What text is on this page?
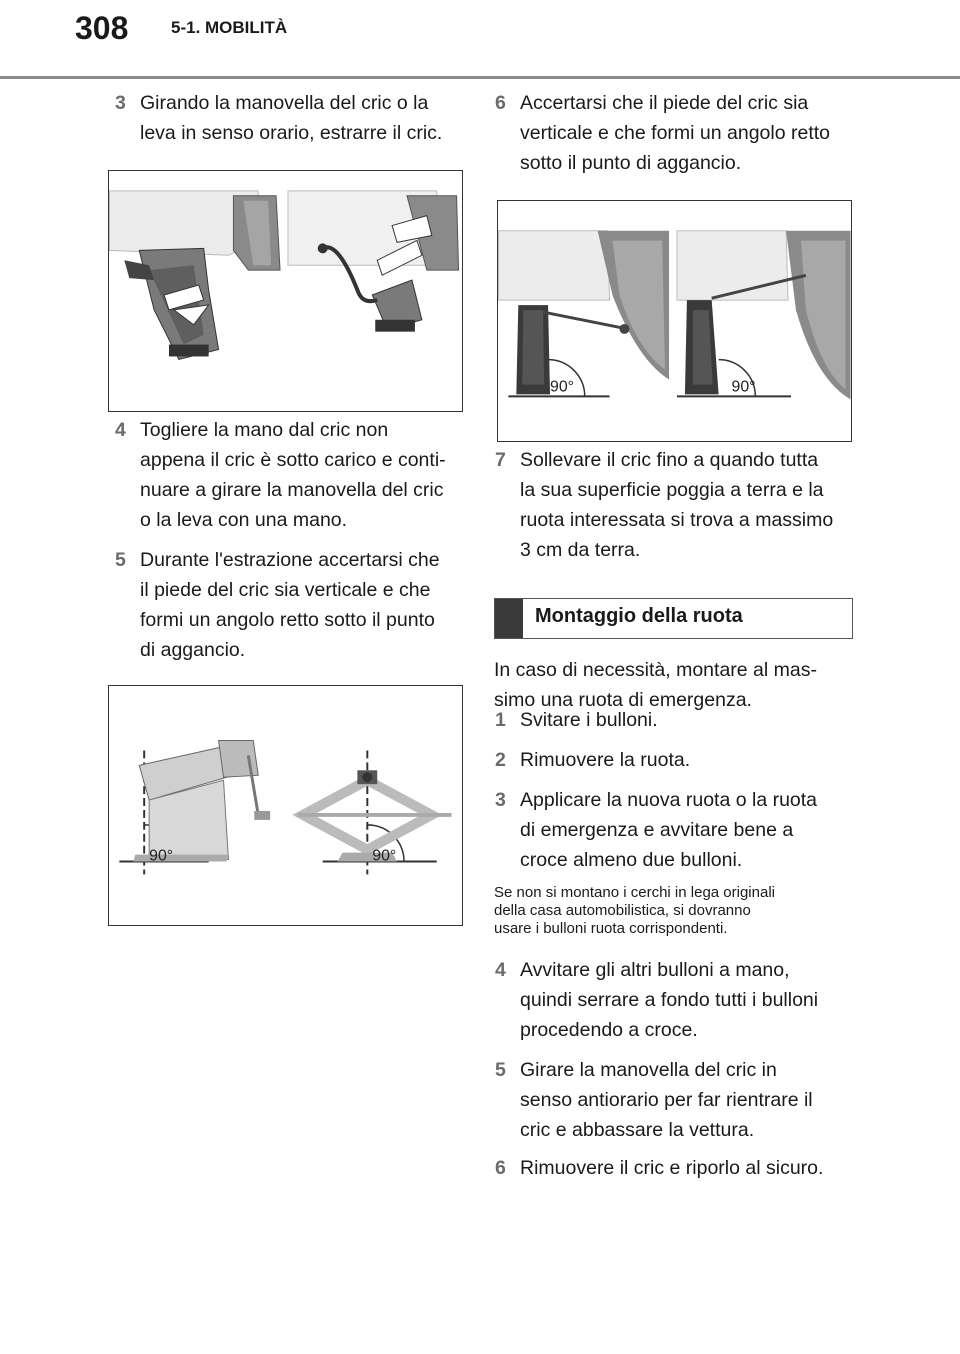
308	5-1. MOBILITÀ
3 Girando la manovella del cric o la
leva in senso orario, estrarre il cric.
4 Togliere la mano dal cric non
appena il cric è sotto carico e conti-
nuare a girare la manovella del cric
o la leva con una mano.
5 Durante l'estrazione accertarsi che
il piede del cric sia verticale e che
formi un angolo retto sotto il punto
di aggancio.
90°	90°
6 Accertarsi che il piede del cric sia
verticale e che formi un angolo retto
sotto il punto di aggancio.
90°	90°
7 Sollevare il cric fino a quando tutta
la sua superficie poggia a terra e la
ruota interessata si trova a massimo
3 cm da terra.
Montaggio della ruota
In caso di necessità, montare al mas-
simo una ruota di emergenza.
1 Svitare i bulloni.
2 Rimuovere la ruota.
3 Applicare la nuova ruota o la ruota
di emergenza e avvitare bene a
croce almeno due bulloni.
Se non si montano i cerchi in lega originali
della casa automobilistica, si dovranno
usare i bulloni ruota corrispondenti.
4 Avvitare gli altri bulloni a mano,
quindi serrare a fondo tutti i bulloni
procedendo a croce.
5 Girare la manovella del cric in
senso antiorario per far rientrare il
cric e abbassare la vettura.
6 Rimuovere il cric e riporlo al sicuro.
